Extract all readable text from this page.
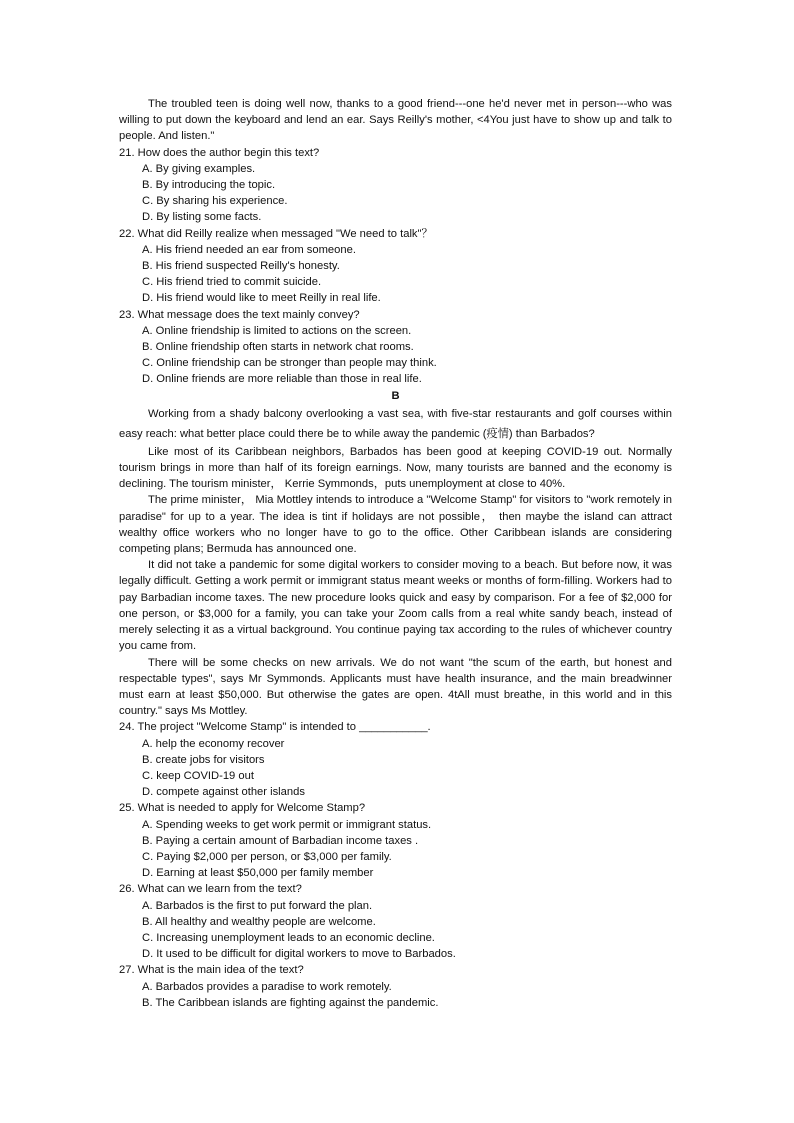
The troubled teen is doing well now, thanks to a good friend---one he'd never met in person---who was willing to put down the keyboard and lend an ear. Says Reilly's mother, <4You just have to show up and talk to people. And listen."

21. How does the author begin this text?

A. By giving examples.

B. By introducing the topic.

C. By sharing his experience.

D. By listing some facts.

22. What did Reilly realize when messaged "We need to talk"？

A. His friend needed an ear from someone.

B. His friend suspected Reilly's honesty.

C. His friend tried to commit suicide.

D. His friend would like to meet Reilly in real life.

23. What message does the text mainly convey?

A. Online friendship is limited to actions on the screen.

B. Online friendship often starts in network chat rooms.

C. Online friendship can be stronger than people may think.

D. Online friends are more reliable than those in real life.

B

Working from a shady balcony overlooking a vast sea, with five-star restaurants and golf courses within easy reach: what better place could there be to while away the pandemic (疫情) than Barbados?

Like most of its Caribbean neighbors, Barbados has been good at keeping COVID-19 out. Normally tourism brings in more than half of its foreign earnings. Now, many tourists are banned and the economy is declining. The tourism minister， Kerrie Symmonds，puts unemployment at close to 40%.

The prime minister， Mia Mottley intends to introduce a "Welcome Stamp" for visitors to "work remotely in paradise" for up to a year. The idea is tint if holidays are not possible， then maybe the island can attract wealthy office workers who no longer have to go to the office. Other Caribbean islands are considering competing plans; Bermuda has announced one.

It did not take a pandemic for some digital workers to consider moving to a beach. But before now, it was legally difficult. Getting a work permit or immigrant status meant weeks or months of form-filling. Workers had to pay Barbadian income taxes. The new procedure looks quick and easy by comparison. For a fee of $2,000 for one person, or $3,000 for a family, you can take your Zoom calls from a real white sandy beach, instead of merely selecting it as a virtual background. You continue paying tax according to the rules of whichever country you came from.

There will be some checks on new arrivals. We do not want "the scum of the earth, but honest and respectable types", says Mr Symmonds. Applicants must have health insurance, and the main breadwinner must earn at least $50,000. But otherwise the gates are open. 4tAll must breathe, in this world and in this country." says Ms Mottley.

24. The project "Welcome Stamp" is intended to ___________.

A. help the economy recover

B. create jobs for visitors

C. keep COVID-19 out

D. compete against other islands

25. What is needed to apply for Welcome Stamp?

A. Spending weeks to get work permit or immigrant status.

B. Paying a certain amount of Barbadian income taxes .

C. Paying $2,000 per person, or $3,000 per family.

D. Earning at least $50,000 per family member

26. What can we learn from the text?

A. Barbados is the first to put forward the plan.

B. All healthy and wealthy people are welcome.

C. Increasing unemployment leads to an economic decline.

D. It used to be difficult for digital workers to move to Barbados.

27. What is the main idea of the text?

A. Barbados provides a paradise to work remotely.

B. The Caribbean islands are fighting against the pandemic.
